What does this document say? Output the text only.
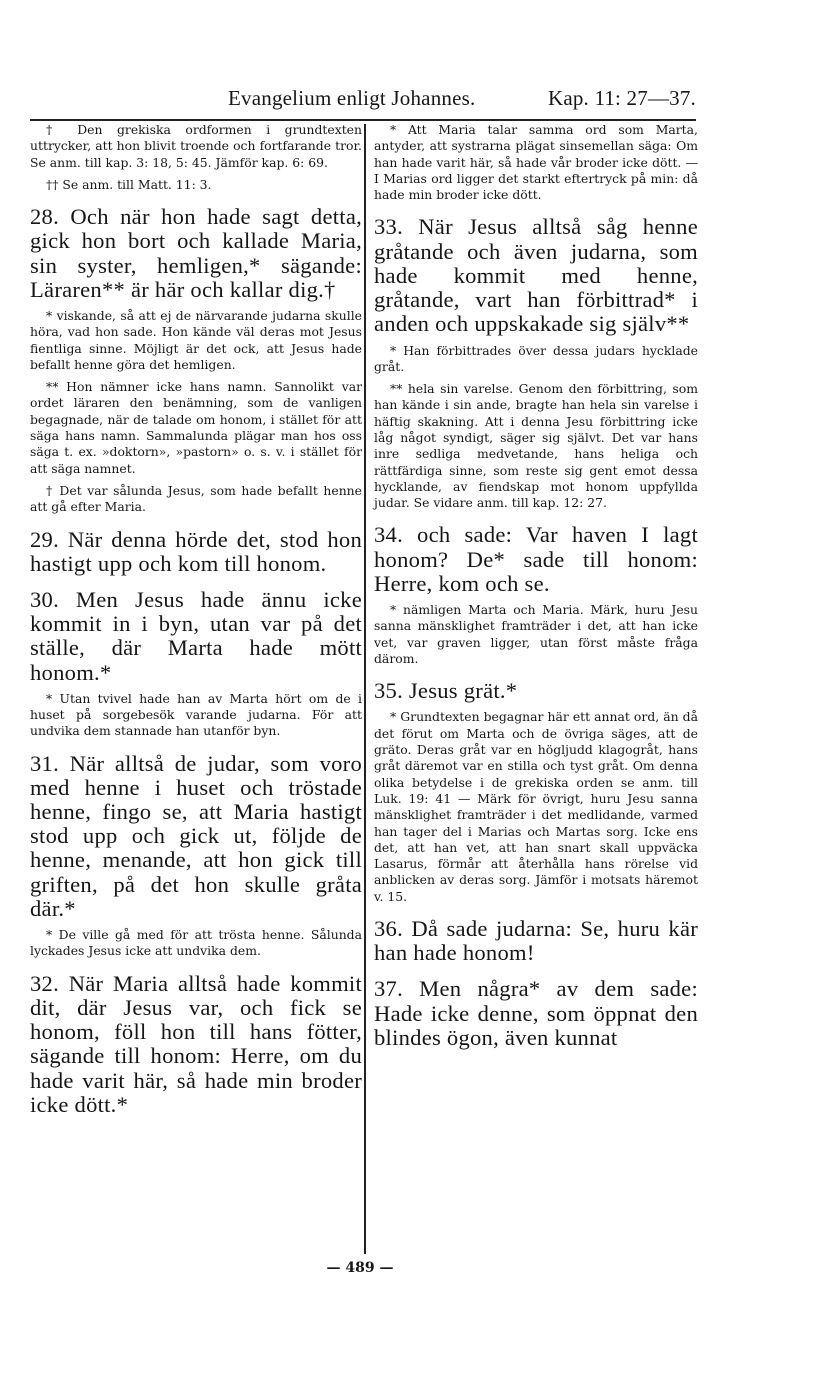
Evangelium enligt Johannes.	Kap. 11: 27—37.

† Den grekiska ordformen i grundtexten uttrycker, att hon blivit troende och fortfarande tror. Se anm. till kap. 3: 18, 5: 45. Jämför kap. 6: 69.

†† Se anm. till Matt. 11: 3.

28. Och när hon hade sagt detta, gick hon bort och kallade Maria, sin syster, hemligen,* sägande: Läraren** är här och kallar dig.†

* viskande, så att ej de närvarande judarna skulle höra, vad hon sade. Hon kände väl deras mot Jesus fientliga sinne. Möjligt är det ock, att Jesus hade befallt henne göra det hemligen.

** Hon nämner icke hans namn. Sannolikt var ordet läraren den benämning, som de vanligen begagnade, när de talade om honom, i stället för att säga hans namn. Sammalunda plägar man hos oss säga t. ex. »doktorn», »pastorn» o. s. v. i stället för att säga namnet.

† Det var sålunda Jesus, som hade befallt henne att gå efter Maria.

29. När denna hörde det, stod hon hastigt upp och kom till honom.

30. Men Jesus hade ännu icke kommit in i byn, utan var på det ställe, där Marta hade mött honom.*

* Utan tvivel hade han av Marta hört om de i huset på sorgebesök varande judarna. För att undvika dem stannade han utanför byn.

31. När alltså de judar, som voro med henne i huset och tröstade henne, fingo se, att Maria hastigt stod upp och gick ut, följde de henne, menande, att hon gick till griften, på det hon skulle gråta där.*

* De ville gå med för att trösta henne. Sålunda lyckades Jesus icke att undvika dem.

32. När Maria alltså hade kommit dit, där Jesus var, och fick se honom, föll hon till hans fötter, sägande till honom: Herre, om du hade varit här, så hade min broder icke dött.*

* Att Maria talar samma ord som Marta, antyder, att systrarna plägat sinsemellan säga: Om han hade varit här, så hade vår broder icke dött. — I Marias ord ligger det starkt eftertryck på min: då hade min broder icke dött.

33. När Jesus alltså såg henne gråtande och även judarna, som hade kommit med henne, gråtande, vart han förbittrad* i anden och uppskakade sig själv**

* Han förbittrades över dessa judars hycklade gråt.

** hela sin varelse. Genom den förbittring, som han kände i sin ande, bragte han hela sin varelse i häftig skakning. Att i denna Jesu förbittring icke låg något syndigt, säger sig självt. Det var hans inre sedliga medvetande, hans heliga och rättfärdiga sinne, som reste sig gent emot dessa hycklande, av fiendskap mot honom uppfyllda judar. Se vidare anm. till kap. 12: 27.

34. och sade: Var haven I lagt honom? De* sade till honom: Herre, kom och se.

* nämligen Marta och Maria. Märk, huru Jesu sanna mänsklighet framträder i det, att han icke vet, var graven ligger, utan först måste fråga därom.

35. Jesus grät.*

* Grundtexten begagnar här ett annat ord, än då det förut om Marta och de övriga säges, att de gräto. Deras gråt var en högljudd klagogråt, hans gråt däremot var en stilla och tyst gråt. Om denna olika betydelse i de grekiska orden se anm. till Luk. 19: 41 — Märk för övrigt, huru Jesu sanna mänsklighet framträder i det medlidande, varmed han tager del i Marias och Martas sorg. Icke ens det, att han vet, att han snart skall uppväcka Lasarus, förmår att återhålla hans rörelse vid anblicken av deras sorg. Jämför i motsats häremot v. 15.

36. Då sade judarna: Se, huru kär han hade honom!

37. Men några* av dem sade: Hade icke denne, som öppnat den blindes ögon, även kunnat

— 489 —
